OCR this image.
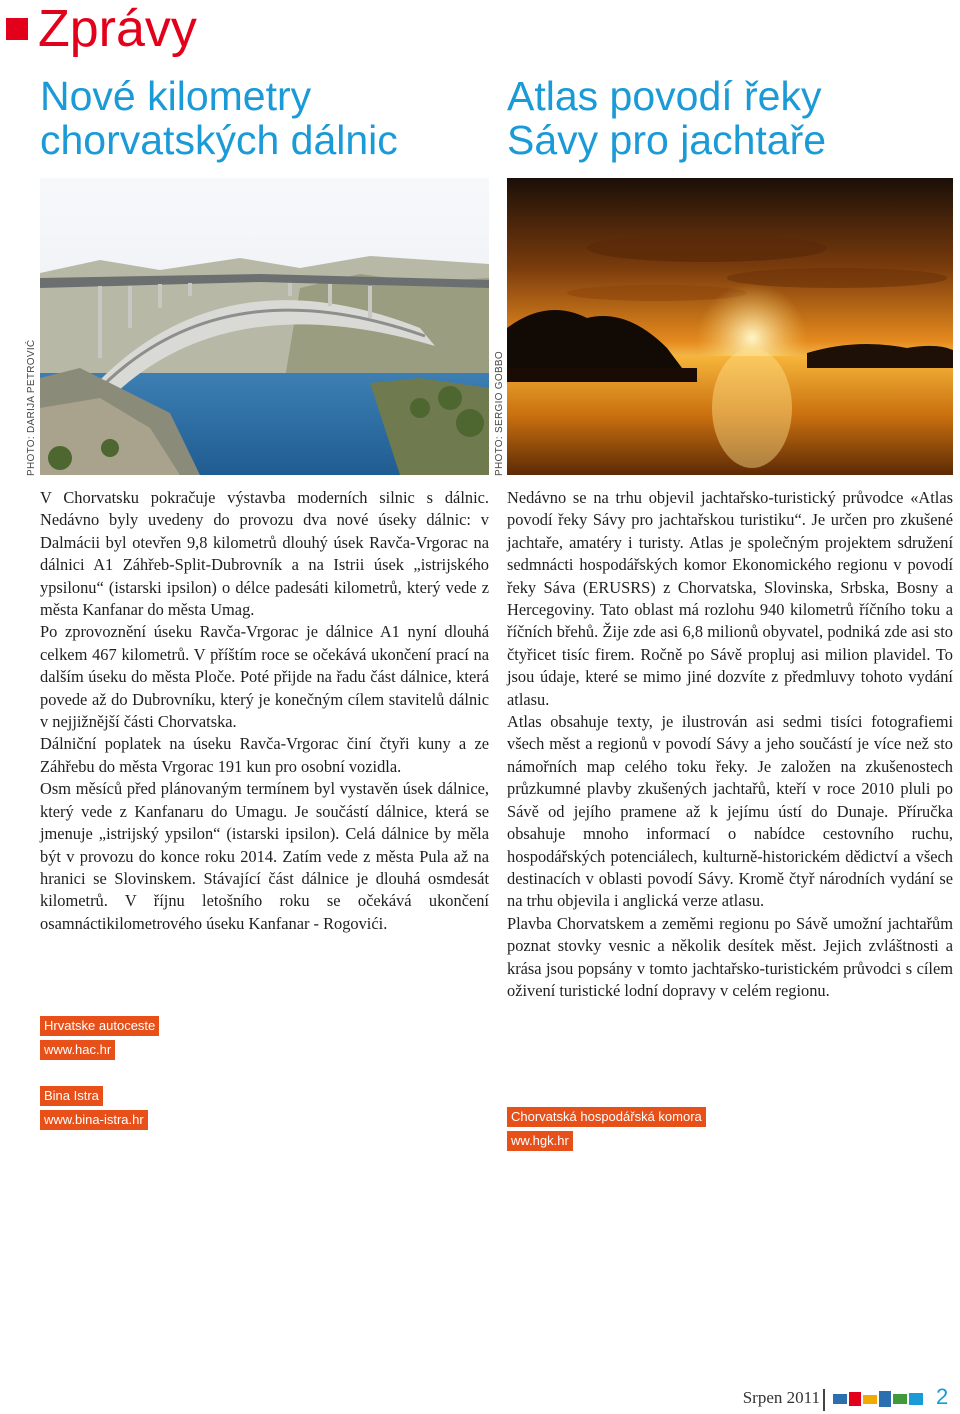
Zprávy
Nové kilometry
chorvatských dálnic
Atlas povodí řeky
Sávy pro jachtaře
PHOTO: DARIJA PETROVIĆ	PHOTO: SERGIO GOBBO

V Chorvatsku pokračuje výstavba moderních silnic s dálnic. Nedávno byly uvedeny do provozu dva nové úseky dálnic: v Dalmácii byl otevřen 9,8 kilometrů dlouhý úsek Ravča-Vrgorac na dálnici A1 Záhřeb-Split-Dubrovník a na Istrii úsek „istrijského ypsilonu“ (istarski ipsilon) o délce padesáti kilometrů, který vede z města Kanfanar do města Umag.

Po zprovoznění úseku Ravča-Vrgorac je dálnice A1 nyní dlouhá celkem 467 kilometrů. V příštím roce se očekává ukončení prací na dalším úseku do města Ploče. Poté přijde na řadu část dálnice, která povede až do Dubrovníku, který je konečným cílem stavitelů dálnic v nejjižnější části Chorvatska.

Dálniční poplatek na úseku Ravča-Vrgorac činí čtyři kuny a ze Záhřebu do města Vrgorac 191 kun pro osobní vozidla.

Osm měsíců před plánovaným termínem byl vystavěn úsek dálnice, který vede z Kanfanaru do Umagu. Je součástí dálnice, která se jmenuje „istrijský ypsilon“ (istarski ipsilon). Celá dálnice by měla být v provozu do konce roku 2014. Zatím vede z města Pula až na hranici se Slovinskem. Stávající část dálnice je dlouhá osmdesát kilometrů. V říjnu letošního roku se očekává ukončení osamnáctikilometrového úseku Kanfanar - Rogovići.

Nedávno se na trhu objevil jachtařsko-turistický průvodce «Atlas povodí řeky Sávy pro jachtařskou turistiku“. Je určen pro zkušené jachtaře, amatéry i turisty. Atlas je společným projektem sdružení sedmnácti hospodářských komor Ekonomického regionu v povodí řeky Sáva (ERUSRS) z Chorvatska, Slovinska, Srbska, Bosny a Hercegoviny. Tato oblast má rozlohu 940 kilometrů říčního toku a říčních břehů. Žije zde asi 6,8 milionů obyvatel, podniká zde asi sto čtyřicet tisíc firem. Ročně po Sávě propluj asi milion plavidel. To jsou údaje, které se mimo jiné dozvíte z předmluvy tohoto vydání atlasu.

Atlas obsahuje texty, je ilustrován asi sedmi tisíci fotografiemi všech měst a regionů v povodí Sávy a jeho součástí je více než sto námořních map celého toku řeky. Je založen na zkušenostech průzkumné plavby zkušených jachtařů, kteří v roce 2010 pluli po Sávě od jejího pramene až k jejímu ústí do Dunaje. Příručka obsahuje mnoho informací o nabídce cestovního ruchu, hospodářských potenciálech, kulturně-historickém dědictví a všech destinacích v oblasti povodí Sávy. Kromě čtyř národních vydání se na trhu objevila i anglická verze atlasu.

Plavba Chorvatskem a zeměmi regionu po Sávě umožní jachtařům poznat stovky vesnic a několik desítek měst. Jejich zvláštnosti a krása jsou popsány v tomto jachtařsko-turistickém průvodci s cílem oživení turistické lodní dopravy v celém regionu.

Hrvatske autoceste
www.hac.hr
Bina Istra
www.bina-istra.hr	Chorvatská hospodářská komora
ww.hgk.hr
Srpen 2011	2
